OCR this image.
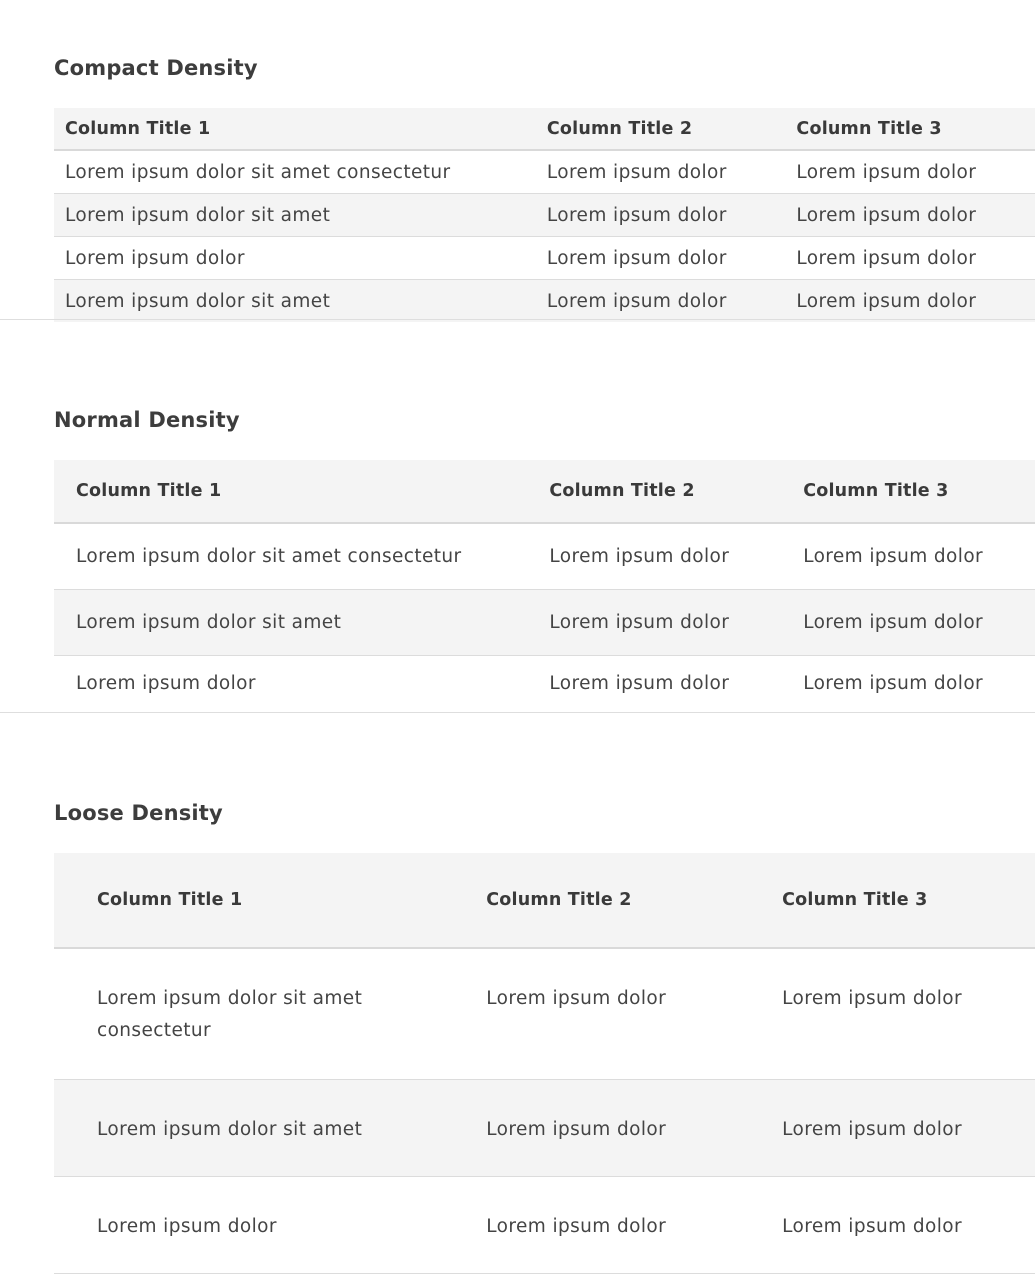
Compact Density
Column Title 1	Column Title 2	Column Title 3
Lorem ipsum dolor sit amet consectetur	Lorem ipsum dolor	Lorem ipsum dolor
Lorem ipsum dolor sit amet	Lorem ipsum dolor	Lorem ipsum dolor
Lorem ipsum dolor	Lorem ipsum dolor	Lorem ipsum dolor
Lorem ipsum dolor sit amet	Lorem ipsum dolor	Lorem ipsum dolor
Normal Density
Column Title 1	Column Title 2	Column Title 3
Lorem ipsum dolor sit amet consectetur	Lorem ipsum dolor	Lorem ipsum dolor
Lorem ipsum dolor sit amet	Lorem ipsum dolor	Lorem ipsum dolor
Lorem ipsum dolor	Lorem ipsum dolor	Lorem ipsum dolor
Loose Density
Column Title 1	Column Title 2	Column Title 3
Lorem ipsum dolor sit amet consectetur	Lorem ipsum dolor	Lorem ipsum dolor
Lorem ipsum dolor sit amet	Lorem ipsum dolor	Lorem ipsum dolor
Lorem ipsum dolor	Lorem ipsum dolor	Lorem ipsum dolor
